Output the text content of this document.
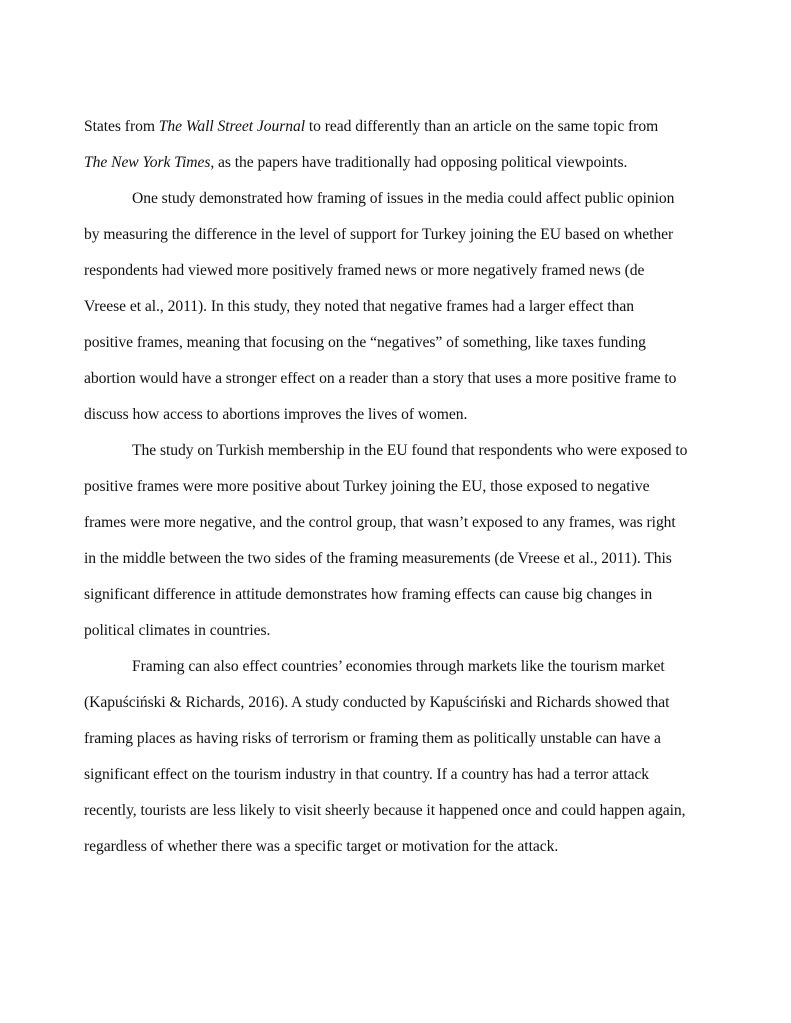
States from The Wall Street Journal to read differently than an article on the same topic from
The New York Times, as the papers have traditionally had opposing political viewpoints.
One study demonstrated how framing of issues in the media could affect public opinion
by measuring the difference in the level of support for Turkey joining the EU based on whether
respondents had viewed more positively framed news or more negatively framed news (de
Vreese et al., 2011). In this study, they noted that negative frames had a larger effect than
positive frames, meaning that focusing on the “negatives” of something, like taxes funding
abortion would have a stronger effect on a reader than a story that uses a more positive frame to
discuss how access to abortions improves the lives of women.
The study on Turkish membership in the EU found that respondents who were exposed to
positive frames were more positive about Turkey joining the EU, those exposed to negative
frames were more negative, and the control group, that wasn’t exposed to any frames, was right
in the middle between the two sides of the framing measurements (de Vreese et al., 2011). This
significant difference in attitude demonstrates how framing effects can cause big changes in
political climates in countries.
Framing can also effect countries’ economies through markets like the tourism market
(Kapuściński & Richards, 2016). A study conducted by Kapuściński and Richards showed that
framing places as having risks of terrorism or framing them as politically unstable can have a
significant effect on the tourism industry in that country. If a country has had a terror attack
recently, tourists are less likely to visit sheerly because it happened once and could happen again,
regardless of whether there was a specific target or motivation for the attack.
